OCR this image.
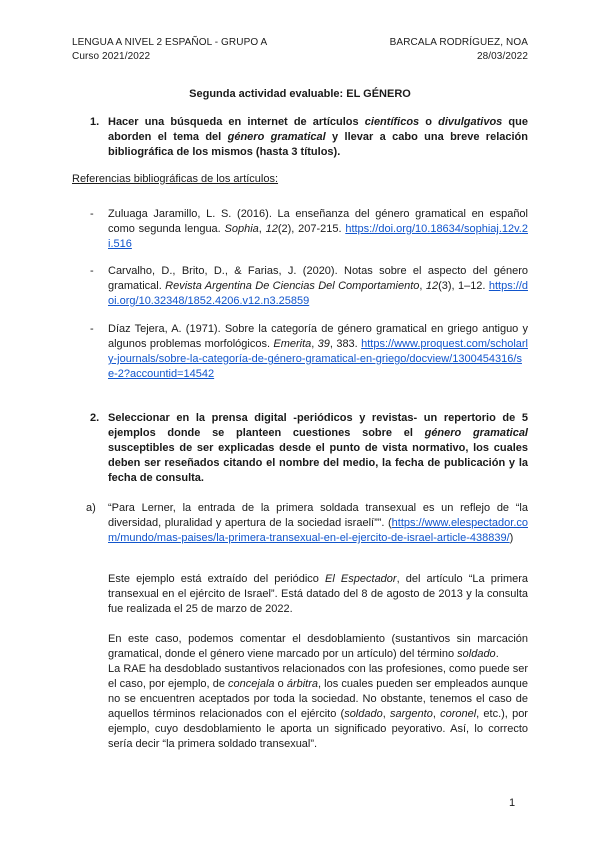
LENGUA A NIVEL 2 ESPAÑOL - GRUPO A
Curso 2021/2022
BARCALA RODRÍGUEZ, NOA
28/03/2022
Segunda actividad evaluable: EL GÉNERO
1. Hacer una búsqueda en internet de artículos científicos o divulgativos que aborden el tema del género gramatical y llevar a cabo una breve relación bibliográfica de los mismos (hasta 3 títulos).
Referencias bibliográficas de los artículos:
- Zuluaga Jaramillo, L. S. (2016). La enseñanza del género gramatical en español como segunda lengua. Sophia, 12(2), 207-215. https://doi.org/10.18634/sophiaj.12v.2i.516
- Carvalho, D., Brito, D., & Farias, J. (2020). Notas sobre el aspecto del género gramatical. Revista Argentina De Ciencias Del Comportamiento, 12(3), 1–12. https://doi.org/10.32348/1852.4206.v12.n3.25859
- Díaz Tejera, A. (1971). Sobre la categoría de género gramatical en griego antiguo y algunos problemas morfológicos. Emerita, 39, 383. https://www.proquest.com/scholarly-journals/sobre-la-categoría-de-género-gramatical-en-griego/docview/1300454316/se-2?accountid=14542
2. Seleccionar en la prensa digital -periódicos y revistas- un repertorio de 5 ejemplos donde se planteen cuestiones sobre el género gramatical susceptibles de ser explicadas desde el punto de vista normativo, los cuales deben ser reseñados citando el nombre del medio, la fecha de publicación y la fecha de consulta.
a) “Para Lerner, la entrada de la primera soldada transexual es un reflejo de “la diversidad, pluralidad y apertura de la sociedad israelí””. (https://www.elespectador.com/mundo/mas-paises/la-primera-transexual-en-el-ejercito-de-israel-article-438839/)
Este ejemplo está extraído del periódico El Espectador, del artículo “La primera transexual en el ejército de Israel”. Está datado del 8 de agosto de 2013 y la consulta fue realizada el 25 de marzo de 2022.
En este caso, podemos comentar el desdoblamiento (sustantivos sin marcación gramatical, donde el género viene marcado por un artículo) del término soldado.
La RAE ha desdoblado sustantivos relacionados con las profesiones, como puede ser el caso, por ejemplo, de concejala o árbitra, los cuales pueden ser empleados aunque no se encuentren aceptados por toda la sociedad. No obstante, tenemos el caso de aquellos términos relacionados con el ejército (soldado, sargento, coronel, etc.), por ejemplo, cuyo desdoblamiento le aporta un significado peyorativo. Así, lo correcto sería decir “la primera soldado transexual”.
1
